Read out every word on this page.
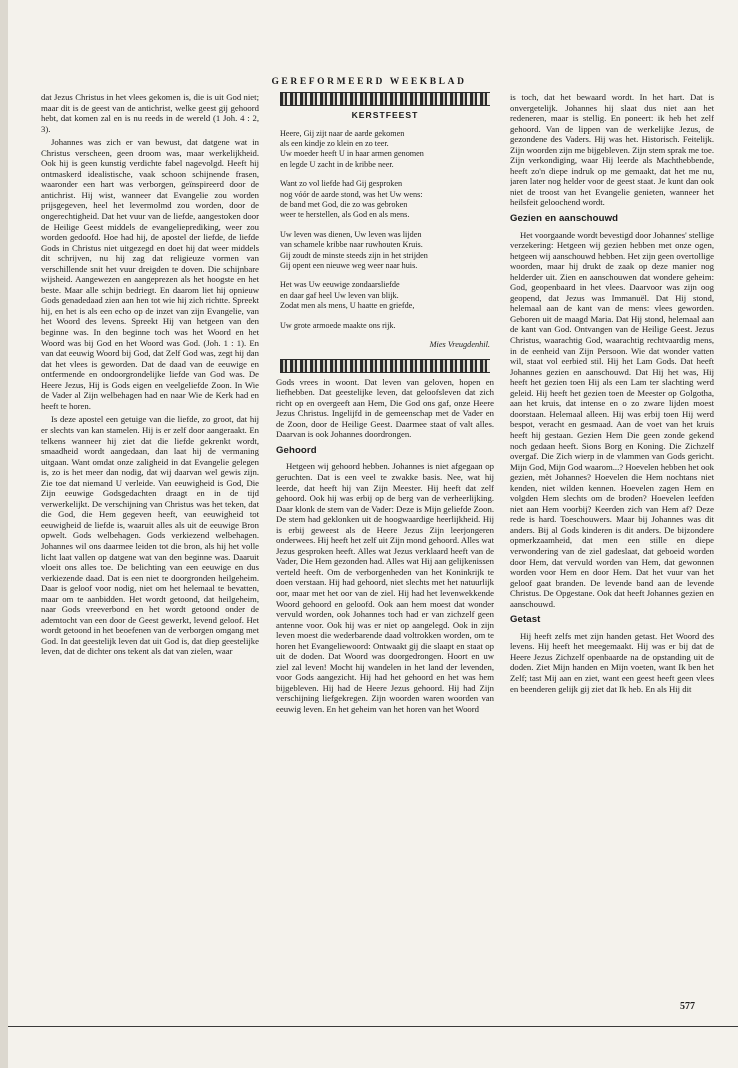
GEREFORMEERD WEEKBLAD

dat Jezus Christus in het vlees gekomen is, die is uit God niet; maar dit is de geest van de antichrist, welke geest gij gehoord hebt, dat komen zal en is nu reeds in de wereld (1 Joh. 4 : 2, 3).

Johannes was zich er van bewust, dat datgene wat in Christus verscheen, geen droom was, maar werkelijkheid. Ook hij is geen kunstig verdichte fabel nagevolgd. Heeft hij ontmaskerd idealistische, vaak schoon schijnende frasen, waaronder een hart was verborgen, geïnspireerd door de antichrist. Hij wist, wanneer dat Evangelie zou worden prijsgegeven, heel het levermolmd zou worden, door de ongerechtigheid. Dat het vuur van de liefde, aangestoken door de Heilige Geest middels de evangelieprediking, weer zou worden gedoofd. Hoe had hij, de apostel der liefde, de liefde Gods in Christus niet uitgezegd en doet hij dat weer middels dit schrijven, nu hij zag dat religieuze vormen van verschillende snit het vuur dreigden te doven. Die schijnbare wijsheid. Aangewezen en aangeprezen als het hoogste en het beste. Maar alle schijn bedriegt. En daarom liet hij opnieuw Gods genadedaad zien aan hen tot wie hij zich richtte. Spreekt hij, en het is als een echo op de inzet van zijn Evangelie, van het Woord des levens. Spreekt Hij van hetgeen van den beginne was. In den beginne toch was het Woord en het Woord was bij God en het Woord was God. (Joh. 1 : 1). En van dat eeuwig Woord bij God, dat Zelf God was, zegt hij dan dat het vlees is geworden. Dat de daad van de eeuwige en ontfermende en ondoorgrondelijke liefde van God was. De Heere Jezus, Hij is Gods eigen en veelgeliefde Zoon. In Wie de Vader al Zijn welbehagen had en naar Wie de Kerk had en heeft te horen.

Is deze apostel een getuige van die liefde, zo groot, dat hij er slechts van kan stamelen. Hij is er zelf door aangeraakt. En telkens wanneer hij ziet dat die liefde gekrenkt wordt, smaadheid wordt aangedaan, dan laat hij de vermaning uitgaan. Want omdat onze zaligheid in dat Evangelie gelegen is, zo is het meer dan nodig, dat wij daarvan wel gewis zijn. Zie toe dat niemand U verleide. Van eeuwigheid is God, Die Zijn eeuwige Godsgedachten draagt en in de tijd verwerkelijkt. De verschijning van Christus was het teken, dat die God, die Hem gegeven heeft, van eeuwigheid tot eeuwigheid de liefde is, waaruit alles als uit de eeuwige Bron opwelt. Gods welbehagen. Gods verkiezend welbehagen. Johannes wil ons daarmee leiden tot die bron, als hij het volle licht laat vallen op datgene wat van den beginne was. Daaruit vloeit ons alles toe. De belichting van een eeuwige en dus verkiezende daad. Dat is een niet te doorgronden heilgeheim. Daar is geloof voor nodig, niet om het helemaal te bevatten, maar om te aanbidden. Het wordt getoond, dat heilgeheim, naar Gods vreeverbond en het wordt getoond onder de ademtocht van een door de Geest gewerkt, levend geloof. Het wordt getoond in het beoefenen van de verborgen omgang met God. In dat geestelijk leven dat uit God is, dat diep geestelijke leven, dat de dichter ons tekent als dat van zielen, waar

KERSTFEEST
Heere, Gij zijt naar de aarde gekomen
als een kindje zo klein en zo teer.
Uw moeder heeft U in haar armen genomen
en legde U zacht in de kribbe neer.
Want zo vol liefde had Gij gesproken
nog vóór de aarde stond, was het Uw wens:
de band met God, die zo was gebroken
weer te herstellen, als God en als mens.
Uw leven was dienen, Uw leven was lijden
van schamele kribbe naar ruwhouten Kruis.
Gij zoudt de minste steeds zijn in het strijden
Gij opent een nieuwe weg weer naar huis.
Het was Uw eeuwige zondaarsliefde
en daar gaf heel Uw leven van blijk.
Zodat men als mens, U haatte en griefde,
Uw grote armoede maakte ons rijk.
Mies Vreugdenhil.

Gods vrees in woont. Dat leven van geloven, hopen en liefhebben. Dat geestelijke leven, dat geloofsleven dat zich richt op en overgeeft aan Hem, Die God ons gaf, onze Heere Jezus Christus. Ingelijfd in de gemeenschap met de Vader en de Zoon, door de Heilige Geest. Daarmee staat of valt alles. Daarvan is ook Johannes doordrongen.

Gehoord

Hetgeen wij gehoord hebben. Johannes is niet afgegaan op geruchten. Dat is een veel te zwakke basis. Nee, wat hij leerde, dat heeft hij van Zijn Meester. Hij heeft dat zelf gehoord. Ook hij was erbij op de berg van de verheerlijking. Daar klonk de stem van de Vader: Deze is Mijn geliefde Zoon. De stem had geklonken uit de hoogwaardige heerlijkheid. Hij is erbij geweest als de Heere Jezus Zijn leerjongeren onderwees. Hij heeft het zelf uit Zijn mond gehoord. Alles wat Jezus gesproken heeft. Alles wat Jezus verklaard heeft van de Vader, Die Hem gezonden had. Alles wat Hij aan gelijkenissen verteld heeft. Om de verborgenheden van het Koninkrijk te doen verstaan. Hij had gehoord, niet slechts met het natuurlijk oor, maar met het oor van de ziel. Hij had het levenwekkende Woord gehoord en geloofd. Ook aan hem moest dat wonder vervuld worden, ook Johannes toch had er van zichzelf geen antenne voor. Ook hij was er niet op aangelegd. Ook in zijn leven moest die wederbarende daad voltrokken worden, om te horen het Evangeliewoord: Ontwaakt gij die slaapt en staat op uit de doden. Dat Woord was doorgedrongen. Hoort en uw ziel zal leven! Mocht hij wandelen in het land der levenden, voor Gods aangezicht. Hij had het gehoord en het was hem bijgebleven. Hij had de Heere Jezus gehoord. Hij had Zijn verschijning liefgekregen. Zijn woorden waren woorden van eeuwig leven. En het geheim van het horen van het Woord

is toch, dat het bewaard wordt. In het hart. Dat is onvergetelijk. Johannes hij slaat dus niet aan het redeneren, maar is stellig. En poneert: ik heb het zelf gehoord. Van de lippen van de werkelijke Jezus, de gezondene des Vaders. Hij was het. Historisch. Feitelijk. Zijn woorden zijn me bijgebleven. Zijn stem sprak me toe. Zijn verkondiging, waar Hij leerde als Machthebbende, heeft zo'n diepe indruk op me gemaakt, dat het me nu, jaren later nog helder voor de geest staat. Je kunt dan ook niet de troost van het Evangelie genieten, wanneer het heilsfeit geloochend wordt.

Gezien en aanschouwd

Het voorgaande wordt bevestigd door Johannes' stellige verzekering: Hetgeen wij gezien hebben met onze ogen, hetgeen wij aanschouwd hebben. Het zijn geen overtollige woorden, maar hij drukt de zaak op deze manier nog helderder uit. Zien en aanschouwen dat wondere geheim: God, geopenbaard in het vlees. Daarvoor was zijn oog geopend, dat Jezus was Immanuël. Dat Hij stond, helemaal aan de kant van de mens: vlees geworden. Geboren uit de maagd Maria. Dat Hij stond, helemaal aan de kant van God. Ontvangen van de Heilige Geest. Jezus Christus, waarachtig God, waarachtig rechtvaardig mens, in de eenheid van Zijn Persoon. Wie dat wonder vatten wil, staat vol eerbied stil. Hij het Lam Gods. Dat heeft Johannes gezien en aanschouwd. Dat Hij het was, Hij heeft het gezien toen Hij als een Lam ter slachting werd geleid. Hij heeft het gezien toen de Meester op Golgotha, aan het kruis, dat intense en o zo zware lijden moest doorstaan. Helemaal alleen. Hij was erbij toen Hij werd bespot, veracht en gesmaad. Aan de voet van het kruis heeft hij gestaan. Gezien Hem Die geen zonde gekend noch gedaan heeft. Sions Borg en Koning. Die Zichzelf overgaf. Die Zich wierp in de vlammen van Gods gericht. Mijn God, Mijn God waarom...? Hoevelen hebben het ook gezien, mèt Johannes? Hoevelen die Hem nochtans niet kenden, niet wilden kennen. Hoevelen zagen Hem en volgden Hem slechts om de broden? Hoevelen leefden niet aan Hem voorbij? Keerden zich van Hem af? Deze rede is hard. Toeschouwers. Maar bij Johannes was dit anders. Bij al Gods kinderen is dit anders. De bijzondere opmerkzaamheid, dat men een stille en diepe verwondering van de ziel gadeslaat, dat geboeid worden door Hem, dat vervuld worden van Hem, dat gewonnen worden voor Hem en door Hem. Dat het vuur van het geloof gaat branden. De levende band aan de levende Christus. De Opgestane. Ook dat heeft Johannes gezien en aanschouwd.

Getast

Hij heeft zelfs met zijn handen getast. Het Woord des levens. Hij heeft het meegemaakt. Hij was er bij dat de Heere Jezus Zichzelf openbaarde na de opstanding uit de doden. Ziet Mijn handen en Mijn voeten, want Ik ben het Zelf; tast Mij aan en ziet, want een geest heeft geen vlees en beenderen gelijk gij ziet dat Ik heb. En als Hij dit

577
